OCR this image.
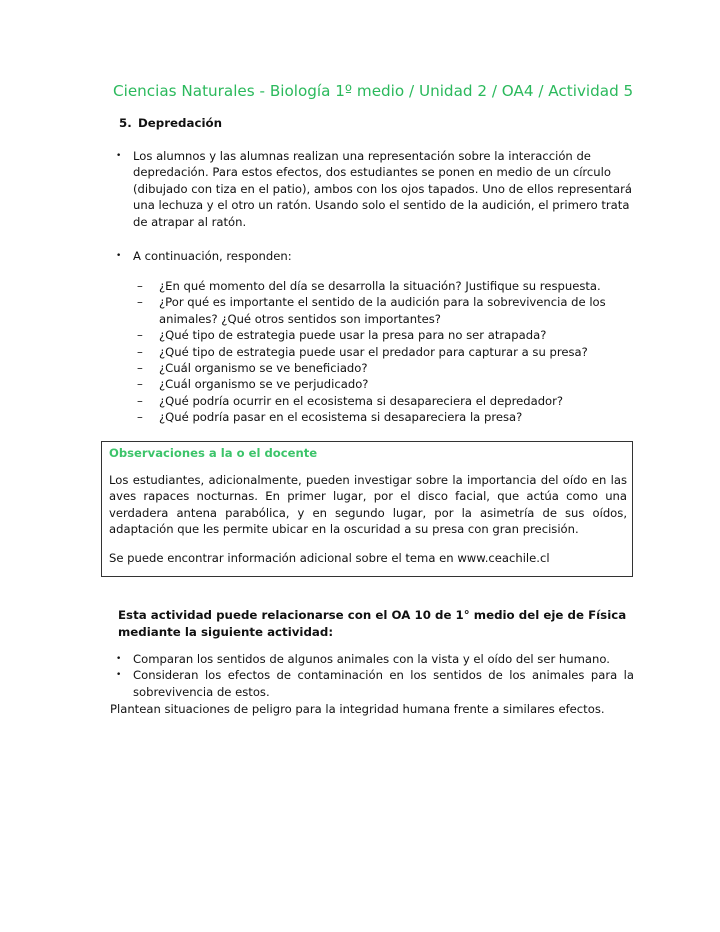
Ciencias Naturales - Biología 1º medio / Unidad 2 / OA4 / Actividad 5
5. Depredación
•	Los alumnos y las alumnas realizan una representación sobre la interacción de depredación. Para estos efectos, dos estudiantes se ponen en medio de un círculo (dibujado con tiza en el patio), ambos con los ojos tapados. Uno de ellos representará una lechuza y el otro un ratón. Usando solo el sentido de la audición, el primero trata de atrapar al ratón.
•	A continuación, responden:
–	¿En qué momento del día se desarrolla la situación? Justifique su respuesta.
–	¿Por qué es importante el sentido de la audición para la sobrevivencia de los animales? ¿Qué otros sentidos son importantes?
–	¿Qué tipo de estrategia puede usar la presa para no ser atrapada?
–	¿Qué tipo de estrategia puede usar el predador para capturar a su presa?
–	¿Cuál organismo se ve beneficiado?
–	¿Cuál organismo se ve perjudicado?
–	¿Qué podría ocurrir en el ecosistema si desapareciera el depredador?
–	¿Qué podría pasar en el ecosistema si desapareciera la presa?
Observaciones a la o el docente
Los estudiantes, adicionalmente, pueden investigar sobre la importancia del oído en las aves rapaces nocturnas. En primer lugar, por el disco facial, que actúa como una verdadera antena parabólica, y en segundo lugar, por la asimetría de sus oídos, adaptación que les permite ubicar en la oscuridad a su presa con gran precisión.
Se puede encontrar información adicional sobre el tema en www.ceachile.cl
Esta actividad puede relacionarse con el OA 10 de 1° medio del eje de Física mediante la siguiente actividad:
•	Comparan los sentidos de algunos animales con la vista y el oído del ser humano.
•	Consideran los efectos de contaminación en los sentidos de los animales para la sobrevivencia de estos.
Plantean situaciones de peligro para la integridad humana frente a similares efectos.
